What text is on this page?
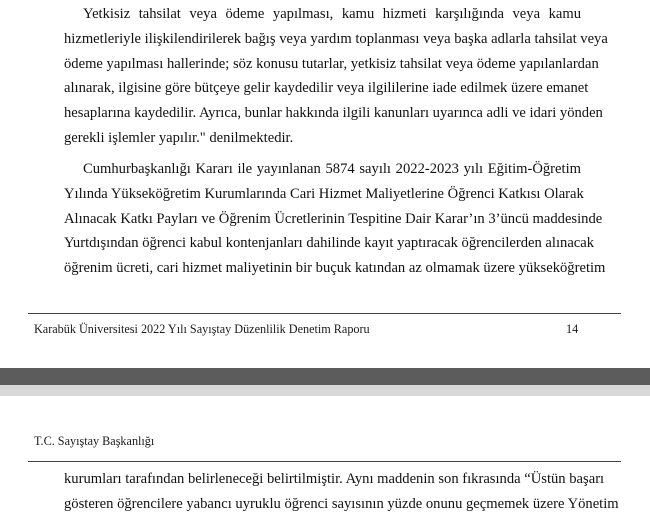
Yetkisiz tahsilat veya ödeme yapılması, kamu hizmeti karşılığında veya kamu
hizmetleriyle ilişkilendirilerek bağış veya yardım toplanması veya başka adlarla tahsilat veya
ödeme yapılması hallerinde; söz konusu tutarlar, yetkisiz tahsilat veya ödeme yapılanlardan
alınarak, ilgisine göre bütçeye gelir kaydedilir veya ilgililerine iade edilmek üzere emanet
hesaplarına kaydedilir. Ayrıca, bunlar hakkında ilgili kanunları uyarınca adli ve idari yönden
gerekli işlemler yapılır." denilmektedir.

Cumhurbaşkanlığı Kararı ile yayınlanan 5874 sayılı 2022-2023 yılı Eğitim-Öğretim
Yılında Yükseköğretim Kurumlarında Cari Hizmet Maliyetlerine Öğrenci Katkısı Olarak
Alınacak Katkı Payları ve Öğrenim Ücretlerinin Tespitine Dair Karar’ın 3’üncü maddesinde
Yurtdışından öğrenci kabul kontenjanları dahilinde kayıt yaptıracak öğrencilerden alınacak
öğrenim ücreti, cari hizmet maliyetinin bir buçuk katından az olmamak üzere yükseköğretim

Karabük Üniversitesi 2022 Yılı Sayıştay Düzenlilik Denetim Raporu	14
T.C. Sayıştay Başkanlığı

kurumları tarafından belirleneceği belirtilmiştir. Aynı maddenin son fıkrasında “Üstün başarı
gösteren öğrencilere yabancı uyruklu öğrenci sayısının yüzde onunu geçmemek üzere Yönetim
